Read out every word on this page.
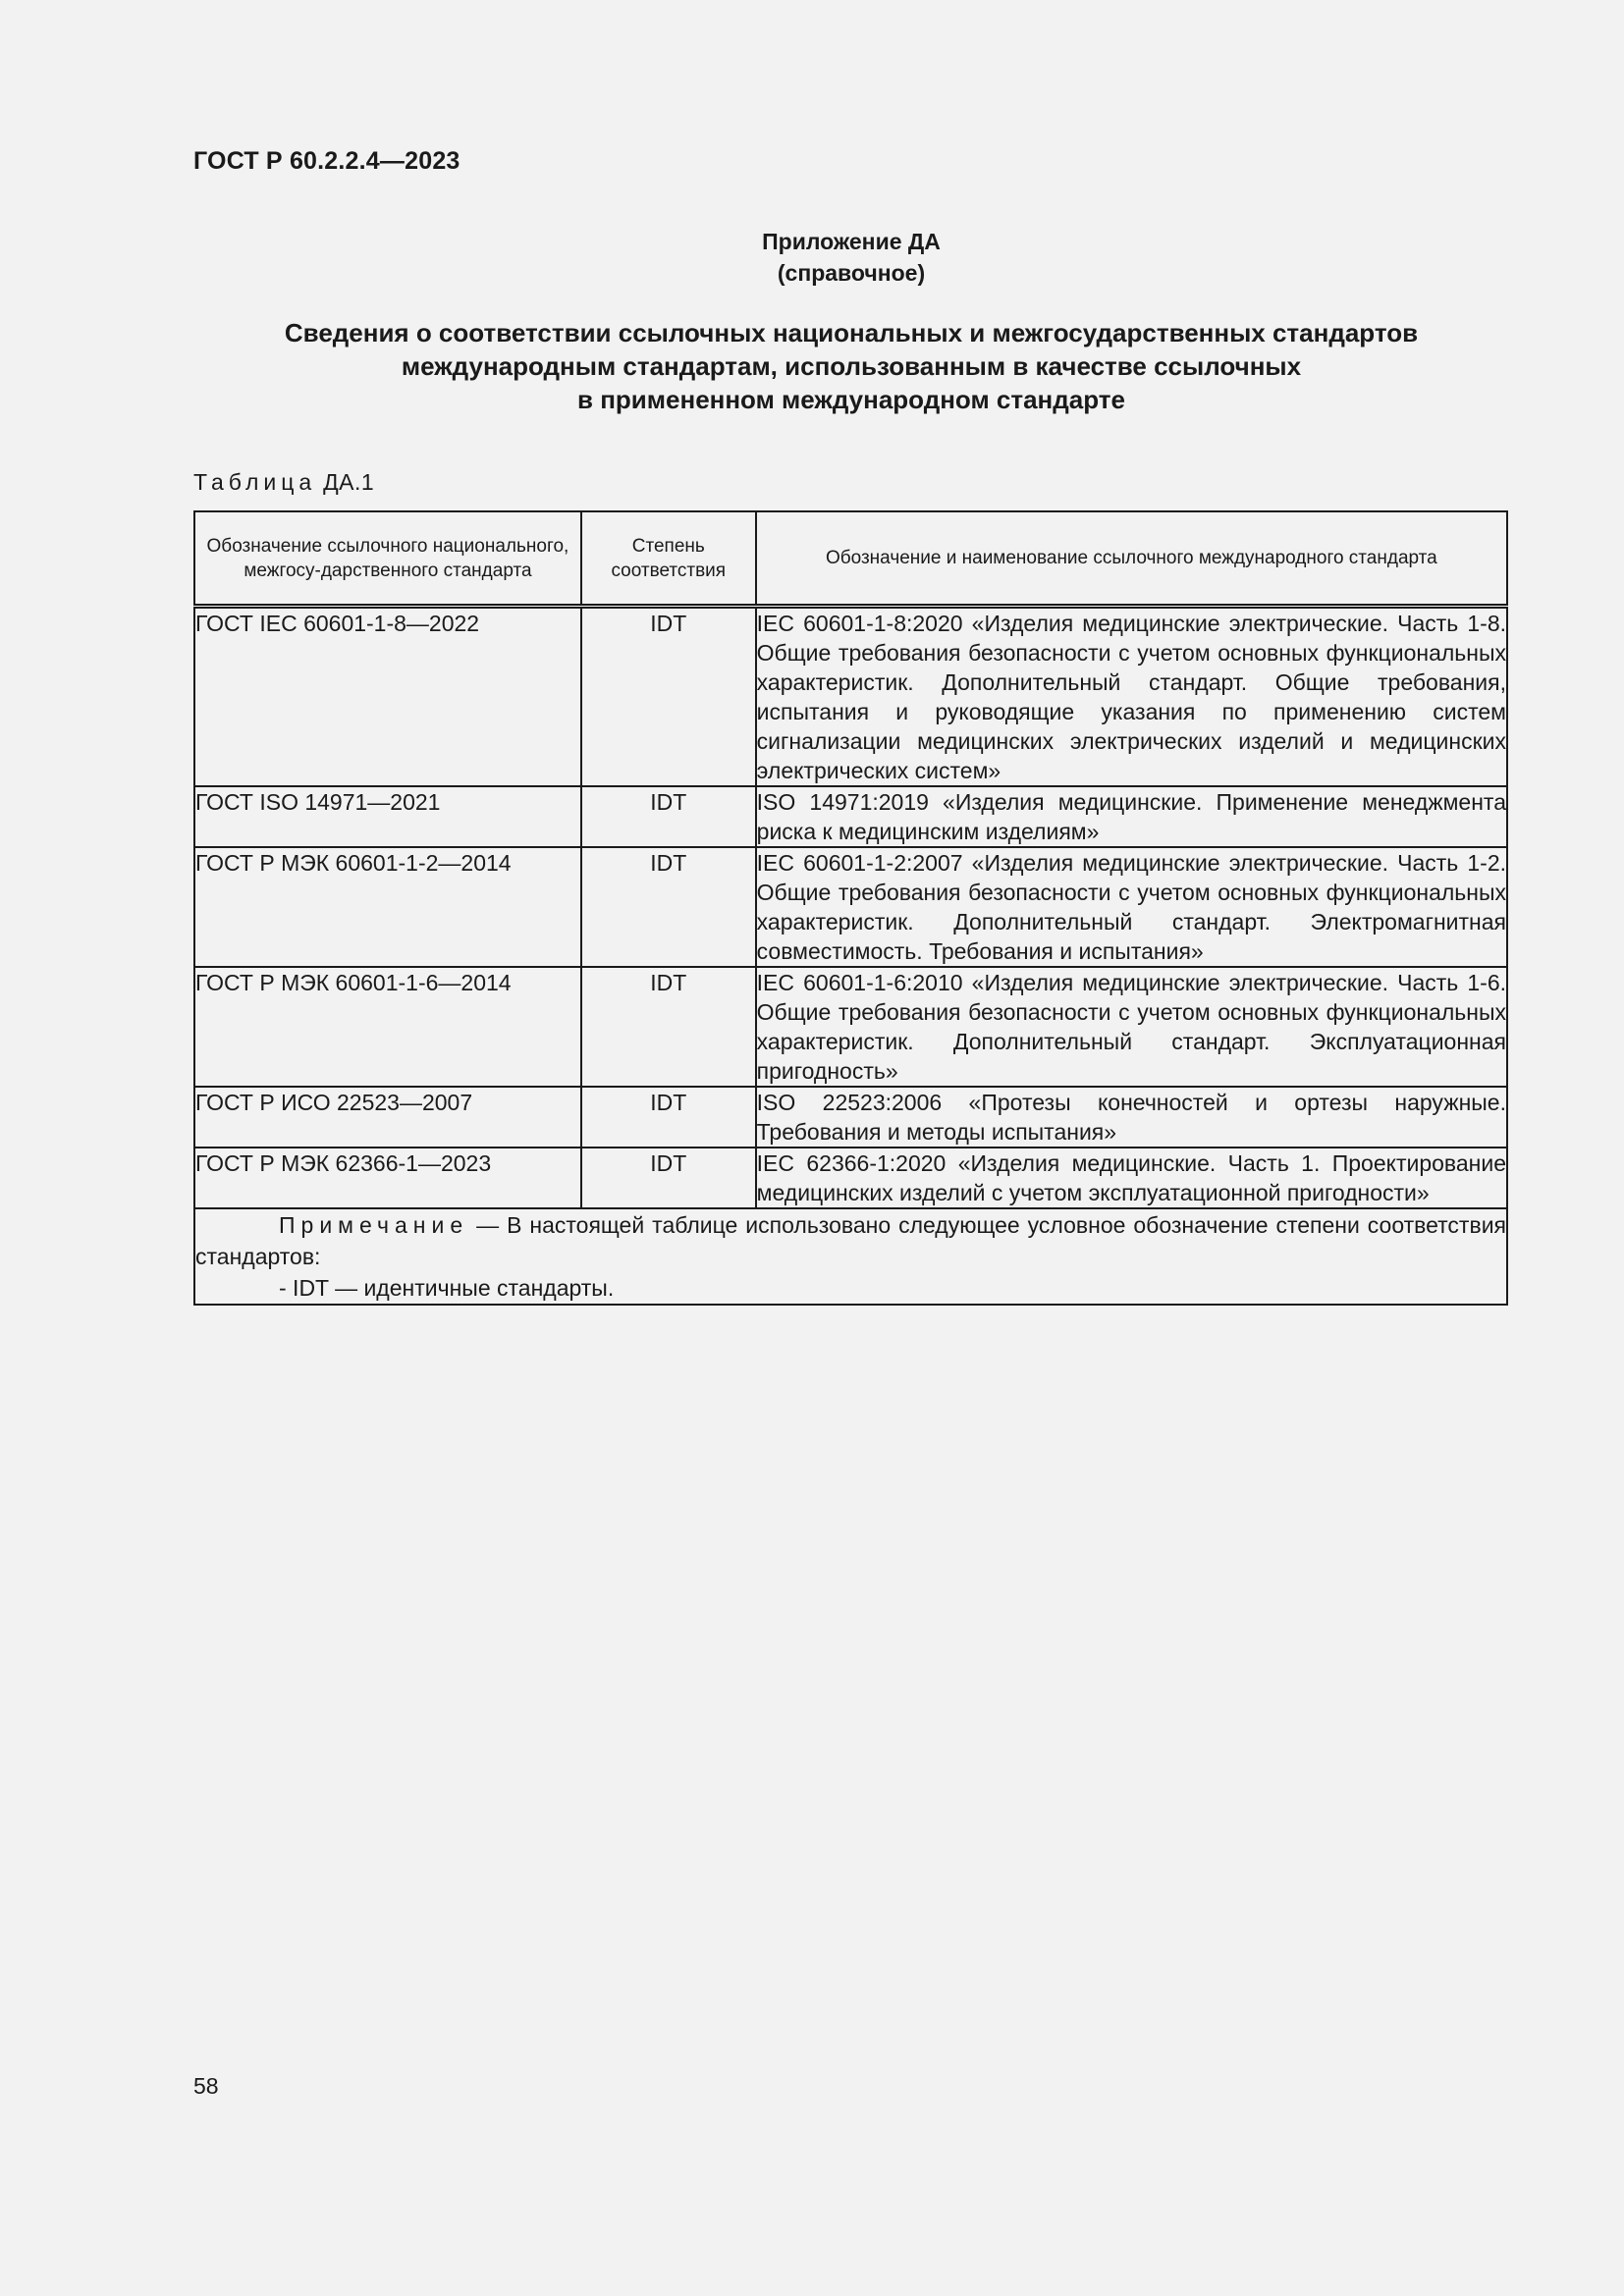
ГОСТ Р 60.2.2.4—2023
Приложение ДА
(справочное)
Сведения о соответствии ссылочных национальных и межгосударственных стандартов
международным стандартам, использованным в качестве ссылочных
в примененном международном стандарте
Таблица ДА.1
Обозначение ссылочного национального, межгосу-дарственного стандарта	Степень соответствия	Обозначение и наименование ссылочного международного стандарта

ГОСТ IEC 60601-1-8—2022	IDT	IEC 60601-1-8:2020 «Изделия медицинские электрические. Часть 1-8. Общие требования безопасности с учетом основных функциональных характеристик. Дополнительный стандарт. Общие требования, испытания и руководящие указания по применению систем сигнализации медицинских электрических изделий и медицинских электрических систем»
ГОСТ ISO 14971—2021	IDT	ISO 14971:2019 «Изделия медицинские. Применение менеджмента риска к медицинским изделиям»
ГОСТ Р МЭК 60601-1-2—2014	IDT	IEC 60601-1-2:2007 «Изделия медицинские электрические. Часть 1-2. Общие требования безопасности с учетом основных функциональных характеристик. Дополнительный стандарт. Электромагнитная совместимость. Требования и испытания»
ГОСТ Р МЭК 60601-1-6—2014	IDT	IEC 60601-1-6:2010 «Изделия медицинские электрические. Часть 1-6. Общие требования безопасности с учетом основных функциональных характеристик. Дополнительный стандарт. Эксплуатационная пригодность»
ГОСТ Р ИСО 22523—2007	IDT	ISO 22523:2006 «Протезы конечностей и ортезы наружные. Требования и методы испытания»
ГОСТ Р МЭК 62366-1—2023	IDT	IEC 62366-1:2020 «Изделия медицинские. Часть 1. Проектирование медицинских изделий с учетом эксплуатационной пригодности»

Примечание — В настоящей таблице использовано следующее условное обозначение степени соответствия стандартов:
- IDT — идентичные стандарты.		
58
